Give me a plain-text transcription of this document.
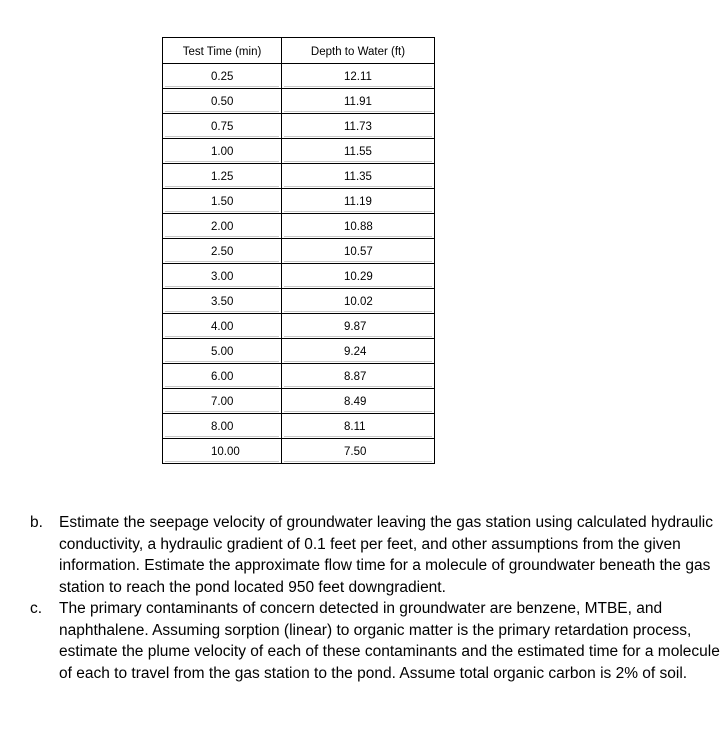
Test Time (min)	Depth to Water (ft)

0.25	12.11

0.50	11.91

0.75	11.73

1.00	11.55

1.25	11.35

1.50	11.19

2.00	10.88

2.50	10.57

3.00	10.29

3.50	10.02

4.00	9.87

5.00	9.24

6.00	8.87

7.00	8.49

8.00	8.11

10.00	7.50
b. Estimate the seepage velocity of groundwater leaving the gas station using calculated hydraulic conductivity, a hydraulic gradient of 0.1 feet per feet, and other assumptions from the given information. Estimate the approximate flow time for a molecule of groundwater beneath the gas station to reach the pond located 950 feet downgradient.
c. The primary contaminants of concern detected in groundwater are benzene, MTBE, and naphthalene. Assuming sorption (linear) to organic matter is the primary retardation process, estimate the plume velocity of each of these contaminants and the estimated time for a molecule of each to travel from the gas station to the pond. Assume total organic carbon is 2% of soil.
